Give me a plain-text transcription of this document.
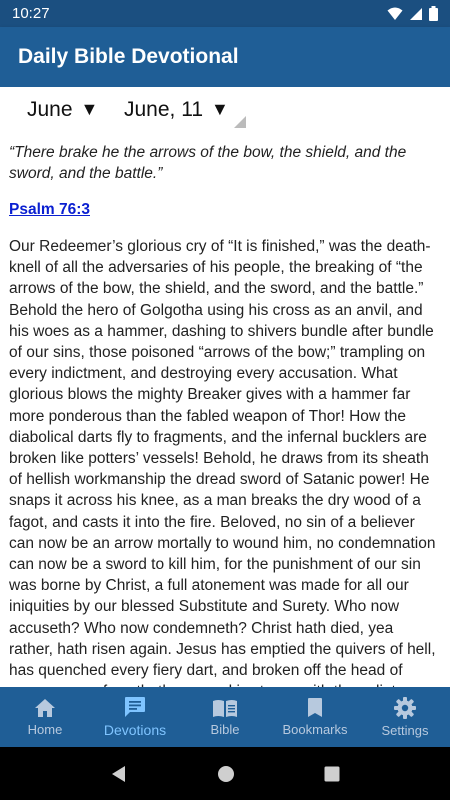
10:27
Daily Bible Devotional
June ▼ June, 11 ▼

“There brake he the arrows of the bow, the shield, and the sword, and the battle.”

Psalm 76:3

Our Redeemer’s glorious cry of “It is finished,” was the death-knell of all the adversaries of his people, the breaking of “the arrows of the bow, the shield, and the sword, and the battle.” Behold the hero of Golgotha using his cross as an anvil, and his woes as a hammer, dashing to shivers bundle after bundle of our sins, those poisoned “arrows of the bow;” trampling on every indictment, and destroying every accusation. What glorious blows the mighty Breaker gives with a hammer far more ponderous than the fabled weapon of Thor! How the diabolical darts fly to fragments, and the infernal bucklers are broken like potters’ vessels! Behold, he draws from its sheath of hellish workmanship the dread sword of Satanic power! He snaps it across his knee, as a man breaks the dry wood of a fagot, and casts it into the fire. Beloved, no sin of a believer can now be an arrow mortally to wound him, no condemnation can now be a sword to kill him, for the punishment of our sin was borne by Christ, a full atonement was made for all our iniquities by our blessed Substitute and Surety. Who now accuseth? Who now condemneth? Christ hath died, yea rather, hath risen again. Jesus has emptied the quivers of hell, has quenched every fiery dart, and broken off the head of

Home	Devotions	Bible	Bookmarks	Settings
